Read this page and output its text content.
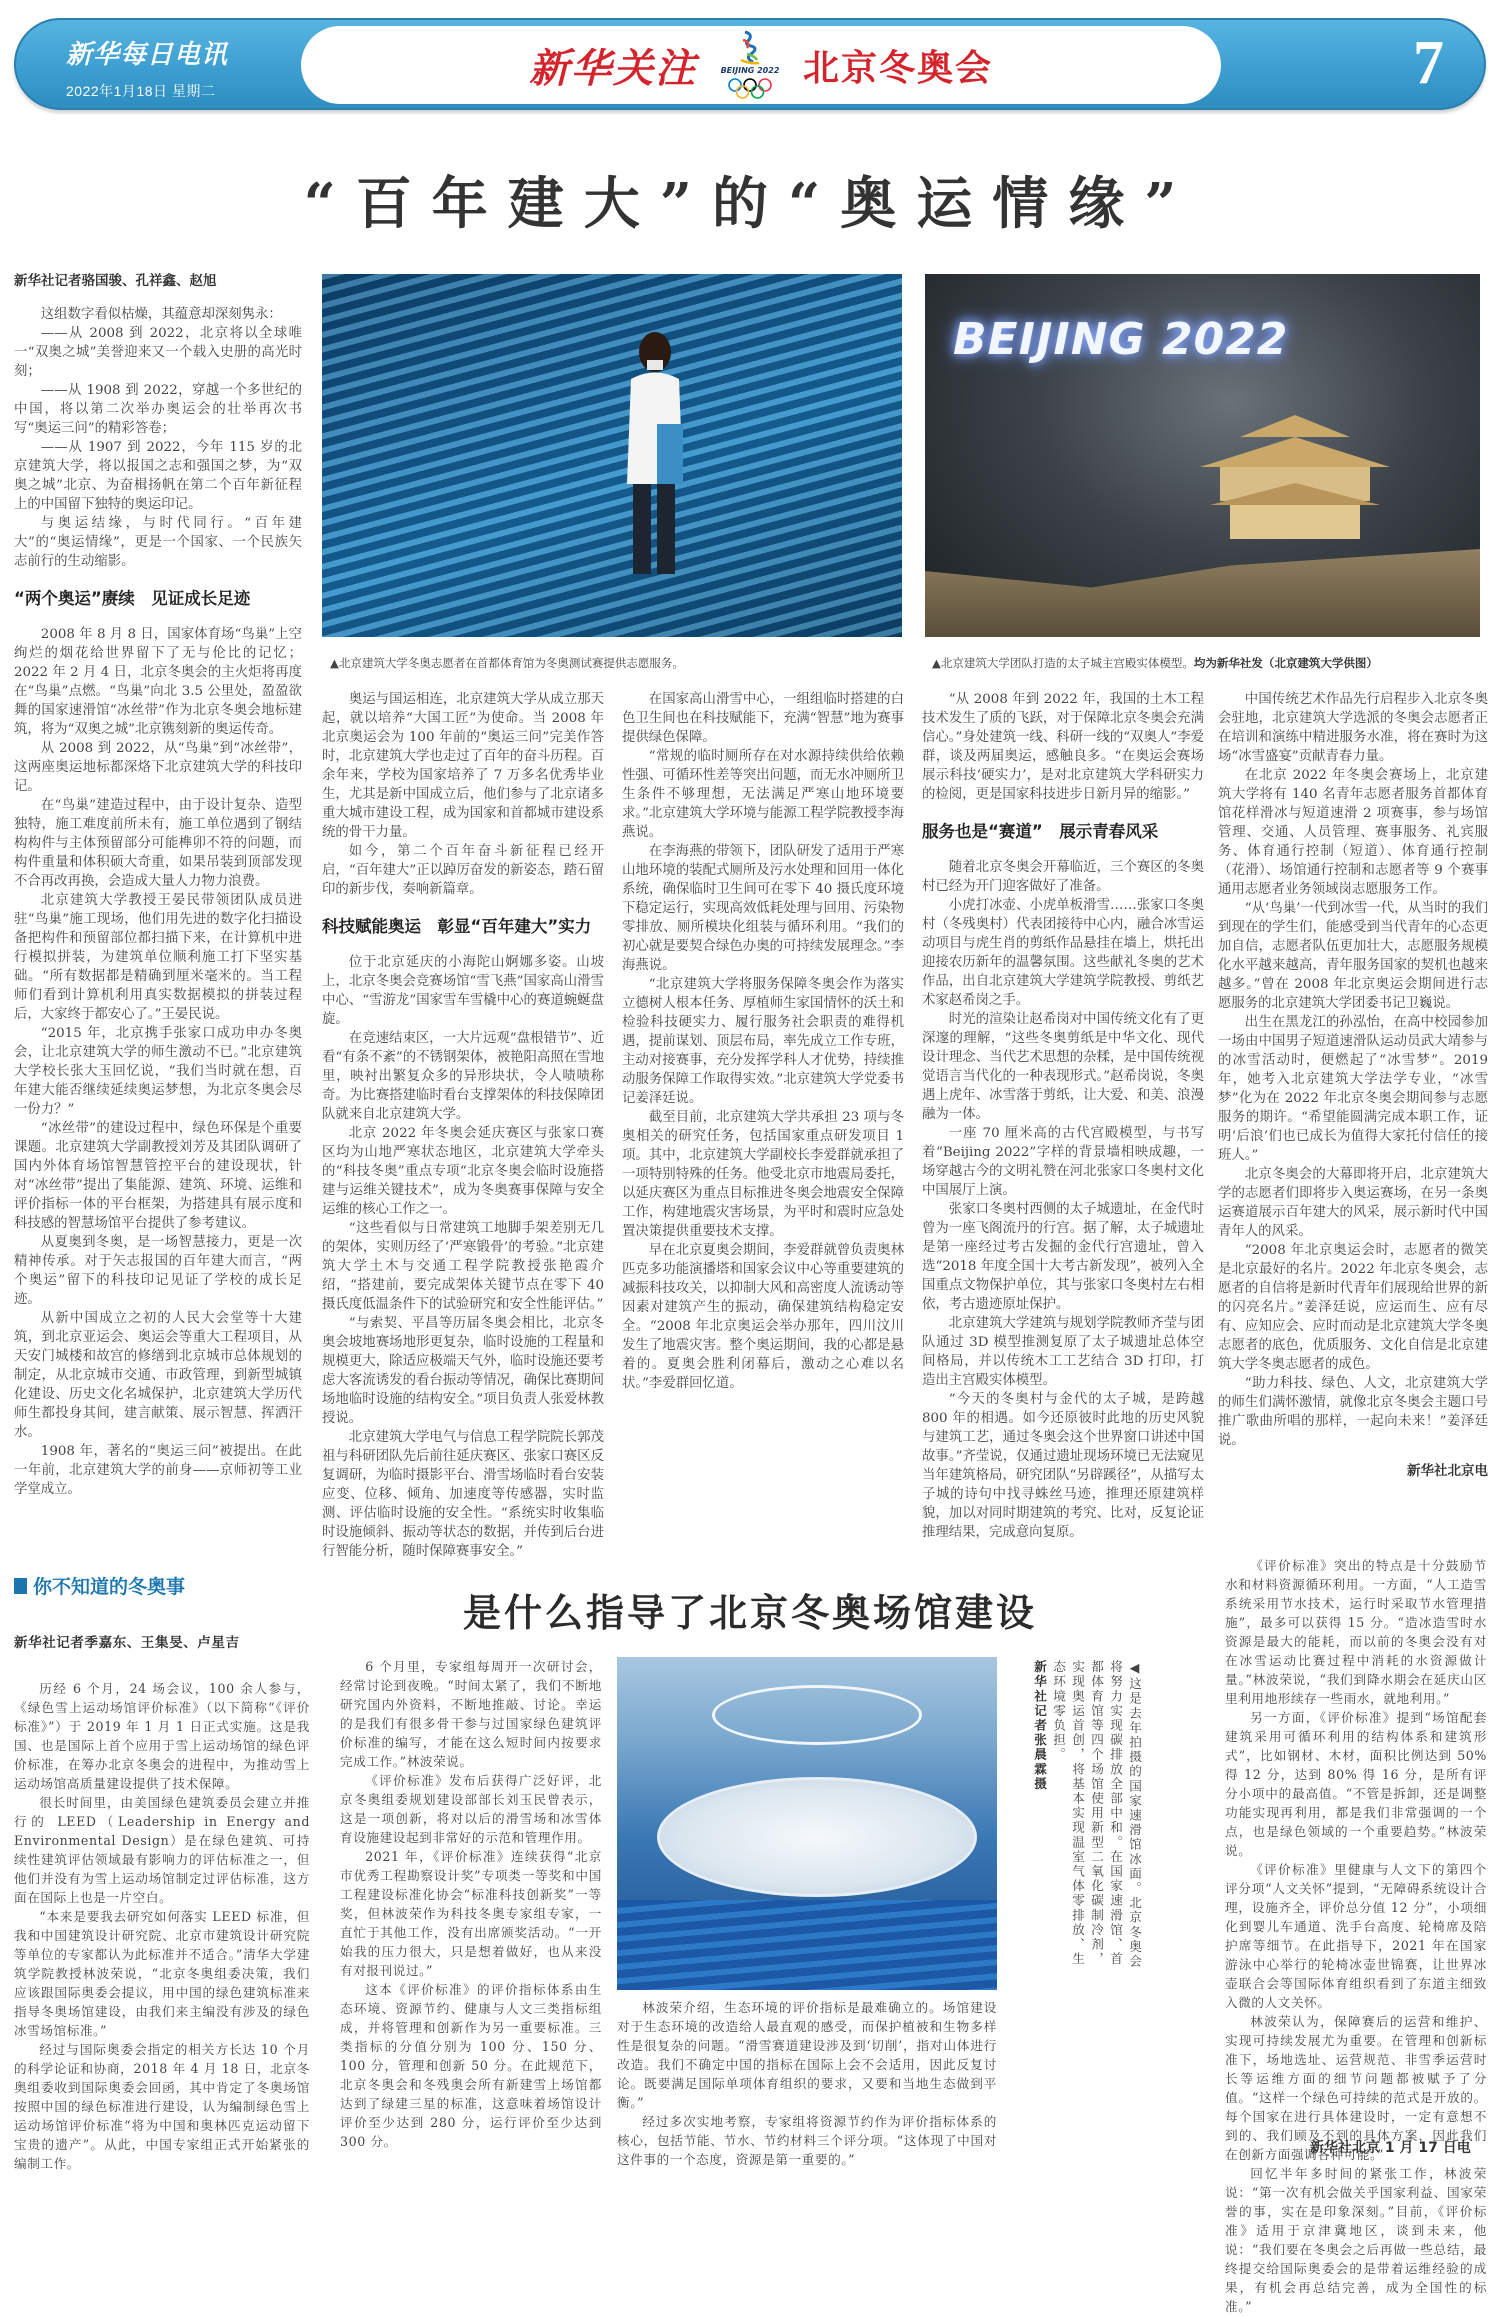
新华每日电讯
2022年1月18日 星期二	新华关注	BEIJING 2022 北京冬奥会	7
“百年建大”的“奥运情缘”
新华社记者骆国骏、孔祥鑫、赵旭

这组数字看似枯燥，其蕴意却深刻隽永：

——从 2008 到 2022，北京将以全球唯一“双奥之城”美誉迎来又一个载入史册的高光时刻；

——从 1908 到 2022，穿越一个多世纪的中国，将以第二次举办奥运会的壮举再次书写“奥运三问”的精彩答卷；

——从 1907 到 2022，今年 115 岁的北京建筑大学，将以报国之志和强国之梦，为“双奥之城”北京、为奋楫扬帆在第二个百年新征程上的中国留下独特的奥运印记。

与奥运结缘，与时代同行。“百年建大”的“奥运情缘”，更是一个国家、一个民族矢志前行的生动缩影。

“两个奥运”赓续　见证成长足迹

2008 年 8 月 8 日，国家体育场“鸟巢”上空绚烂的烟花给世界留下了无与伦比的记忆；2022 年 2 月 4 日，北京冬奥会的主火炬将再度在“鸟巢”点燃。“鸟巢”向北 3.5 公里处，盈盈欲舞的国家速滑馆“冰丝带”作为北京冬奥会地标建筑，将为“双奥之城”北京镌刻新的奥运传奇。

从 2008 到 2022，从“鸟巢”到“冰丝带”，这两座奥运地标都深烙下北京建筑大学的科技印记。

在“鸟巢”建造过程中，由于设计复杂、造型独特，施工难度前所未有，施工单位遇到了钢结构构件与主体预留部分可能榫卯不符的问题，而构件重量和体积硕大奇重，如果吊装到顶部发现不合再改再换，会造成大量人力物力浪费。

北京建筑大学教授王晏民带领团队成员进驻“鸟巢”施工现场，他们用先进的数字化扫描设备把构件和预留部位都扫描下来，在计算机中进行模拟拼装，为建筑单位顺利施工打下坚实基础。“所有数据都是精确到厘米毫米的。当工程师们看到计算机利用真实数据模拟的拼装过程后，大家终于都安心了。”王晏民说。

“2015 年，北京携手张家口成功申办冬奥会，让北京建筑大学的师生激动不已。”北京建筑大学校长张大玉回忆说，“我们当时就在想，百年建大能否继续延续奥运梦想，为北京冬奥会尽一份力？”

“冰丝带”的建设过程中，绿色环保是个重要课题。北京建筑大学副教授刘芳及其团队调研了国内外体育场馆智慧管控平台的建设现状，针对“冰丝带”提出了集能源、建筑、环境、运维和评价指标一体的平台框架，为搭建具有展示度和科技感的智慧场馆平台提供了参考建议。

从夏奥到冬奥，是一场智慧接力，更是一次精神传承。对于矢志报国的百年建大而言，“两个奥运”留下的科技印记见证了学校的成长足迹。

从新中国成立之初的人民大会堂等十大建筑，到北京亚运会、奥运会等重大工程项目，从天安门城楼和故宫的修缮到北京城市总体规划的制定，从北京城市交通、市政管理，到新型城镇化建设、历史文化名城保护，北京建筑大学历代师生都投身其间，建言献策、展示智慧、挥洒汗水。

1908 年，著名的“奥运三问”被提出。在此一年前，北京建筑大学的前身——京师初等工业学堂成立。

BEIJING 2022
▲北京建筑大学冬奥志愿者在首都体育馆为冬奥测试赛提供志愿服务。	▲北京建筑大学团队打造的太子城主宫殿实体模型。均为新华社发（北京建筑大学供图）

奥运与国运相连，北京建筑大学从成立那天起，就以培养“大国工匠”为使命。当 2008 年北京奥运会为 100 年前的“奥运三问”完美作答时，北京建筑大学也走过了百年的奋斗历程。百余年来，学校为国家培养了 7 万多名优秀毕业生，尤其是新中国成立后，他们参与了北京诸多重大城市建设工程，成为国家和首都城市建设系统的骨干力量。

如今，第二个百年奋斗新征程已经开启，“百年建大”正以踔厉奋发的新姿态，踏石留印的新步伐，奏响新篇章。

科技赋能奥运　彰显“百年建大”实力

位于北京延庆的小海陀山婀娜多姿。山坡上，北京冬奥会竞赛场馆“雪飞燕”国家高山滑雪中心、“雪游龙”国家雪车雪橇中心的赛道蜿蜒盘旋。

在竞速结束区，一大片远观“盘根错节”、近看“有条不紊”的不锈钢架体，被艳阳高照在雪地里，映衬出繁复众多的异形块状，令人啧啧称奇。为比赛搭建临时看台支撑架体的科技保障团队就来自北京建筑大学。

北京 2022 年冬奥会延庆赛区与张家口赛区均为山地严寒状态地区，北京建筑大学牵头的“科技冬奥”重点专项“北京冬奥会临时设施搭建与运维关键技术”，成为冬奥赛事保障与安全运维的核心工作之一。

“这些看似与日常建筑工地脚手架差别无几的架体，实则历经了‘严寒锻骨’的考验。”北京建筑大学土木与交通工程学院教授张艳霞介绍，“搭建前，要完成架体关键节点在零下 40 摄氏度低温条件下的试验研究和安全性能评估。”

“与索契、平昌等历届冬奥会相比，北京冬奥会坡地赛场地形更复杂，临时设施的工程量和规模更大，除适应极端天气外，临时设施还要考虑大客流诱发的看台振动等情况，确保比赛期间场地临时设施的结构安全。”项目负责人张爱林教授说。

北京建筑大学电气与信息工程学院院长郭茂祖与科研团队先后前往延庆赛区、张家口赛区反复调研，为临时摄影平台、滑雪场临时看台安装应变、位移、倾角、加速度等传感器，实时监测、评估临时设施的安全性。“系统实时收集临时设施倾斜、振动等状态的数据，并传到后台进行智能分析，随时保障赛事安全。”

在国家高山滑雪中心，一组组临时搭建的白色卫生间也在科技赋能下，充满“智慧”地为赛事提供绿色保障。

“常规的临时厕所存在对水源持续供给依赖性强、可循环性差等突出问题，而无水冲厕所卫生条件不够理想，无法满足严寒山地环境要求。”北京建筑大学环境与能源工程学院教授李海燕说。

在李海燕的带领下，团队研发了适用于严寒山地环境的装配式厕所及污水处理和回用一体化系统，确保临时卫生间可在零下 40 摄氏度环境下稳定运行，实现高效低耗处理与回用、污染物零排放、厕所模块化组装与循环利用。“我们的初心就是要契合绿色办奥的可持续发展理念。”李海燕说。

“北京建筑大学将服务保障冬奥会作为落实立德树人根本任务、厚植师生家国情怀的沃土和检验科技硬实力、履行服务社会职责的难得机遇，提前谋划、顶层布局，率先成立工作专班，主动对接赛事，充分发挥学科人才优势，持续推动服务保障工作取得实效。”北京建筑大学党委书记姜泽廷说。

截至目前，北京建筑大学共承担 23 项与冬奥相关的研究任务，包括国家重点研发项目 1 项。其中，北京建筑大学副校长李爱群就承担了一项特别特殊的任务。他受北京市地震局委托，以延庆赛区为重点目标推进冬奥会地震安全保障工作，构建地震灾害场景，为平时和震时应急处置决策提供重要技术支撑。

早在北京夏奥会期间，李爱群就曾负责奥林匹克多功能演播塔和国家会议中心等重要建筑的减振科技攻关，以抑制大风和高密度人流诱动等因素对建筑产生的振动，确保建筑结构稳定安全。“2008 年北京奥运会举办那年，四川汶川发生了地震灾害。整个奥运期间，我的心都是悬着的。夏奥会胜利闭幕后，激动之心难以名状。”李爱群回忆道。

“从 2008 年到 2022 年，我国的土木工程技术发生了质的飞跃，对于保障北京冬奥会充满信心。”身处建筑一线、科研一线的“双奥人”李爱群，谈及两届奥运，感触良多。“在奥运会赛场展示科技‘硬实力’，是对北京建筑大学科研实力的检阅，更是国家科技进步日新月异的缩影。”

服务也是“赛道”　展示青春风采

随着北京冬奥会开幕临近，三个赛区的冬奥村已经为开门迎客做好了准备。

小虎打冰壶、小虎单板滑雪……张家口冬奥村（冬残奥村）代表团接待中心内，融合冰雪运动项目与虎生肖的剪纸作品悬挂在墙上，烘托出迎接农历新年的温馨氛围。这些献礼冬奥的艺术作品，出自北京建筑大学建筑学院教授、剪纸艺术家赵希岗之手。

时光的渲染让赵希岗对中国传统文化有了更深邃的理解，“这些冬奥剪纸是中华文化、现代设计理念、当代艺术思想的杂糅，是中国传统视觉语言当代化的一种表现形式。”赵希岗说，冬奥遇上虎年、冰雪落于剪纸，让大爱、和美、浪漫融为一体。

一座 70 厘米高的古代宫殿模型，与书写着“Beijing 2022”字样的背景墙相映成趣，一场穿越古今的文明礼赞在河北张家口冬奥村文化中国展厅上演。

张家口冬奥村西侧的太子城遗址，在金代时曾为一座飞阁流丹的行宫。据了解，太子城遗址是第一座经过考古发掘的金代行宫遗址，曾入选“2018 年度全国十大考古新发现”，被列入全国重点文物保护单位，其与张家口冬奥村左右相依，考古遗迹原址保护。

北京建筑大学建筑与规划学院教师齐莹与团队通过 3D 模型推测复原了太子城遗址总体空间格局，并以传统木工工艺结合 3D 打印，打造出主宫殿实体模型。

“今天的冬奥村与金代的太子城，是跨越 800 年的相遇。如今还原彼时此地的历史风貌与建筑工艺，通过冬奥会这个世界窗口讲述中国故事。”齐莹说，仅通过遗址现场环境已无法窥见当年建筑格局，研究团队“另辟蹊径”，从描写太子城的诗句中找寻蛛丝马迹，推理还原建筑样貌，加以对同时期建筑的考究、比对，反复论证推理结果，完成意向复原。

中国传统艺术作品先行启程步入北京冬奥会驻地，北京建筑大学选派的冬奥会志愿者正在培训和演练中精进服务水准，将在赛时为这场“冰雪盛宴”贡献青春力量。

在北京 2022 年冬奥会赛场上，北京建筑大学将有 140 名青年志愿者服务首都体育馆花样滑冰与短道速滑 2 项赛事，参与场馆管理、交通、人员管理、赛事服务、礼宾服务、体育通行控制（短道）、体育通行控制（花滑）、场馆通行控制和志愿者等 9 个赛事通用志愿者业务领域岗志愿服务工作。

“从‘鸟巢’一代到冰雪一代，从当时的我们到现在的学生们，能感受到当代青年的心态更加自信，志愿者队伍更加壮大，志愿服务规模化水平越来越高，青年服务国家的契机也越来越多。”曾在 2008 年北京奥运会期间进行志愿服务的北京建筑大学团委书记卫巍说。

出生在黑龙江的孙泓怡，在高中校园参加一场由中国男子短道速滑队运动员武大靖参与的冰雪活动时，便燃起了“冰雪梦”。2019 年，她考入北京建筑大学法学专业，“冰雪梦”化为在 2022 年北京冬奥会期间参与志愿服务的期许。“希望能圆满完成本职工作，证明‘后浪’们也已成长为值得大家托付信任的接班人。”

北京冬奥会的大幕即将开启，北京建筑大学的志愿者们即将步入奥运赛场，在另一条奥运赛道展示百年建大的风采，展示新时代中国青年人的风采。

“2008 年北京奥运会时，志愿者的微笑是北京最好的名片。2022 年北京冬奥会，志愿者的自信将是新时代青年们展现给世界的新的闪亮名片。”姜泽廷说，应运而生、应有尽有、应知应会、应时而动是北京建筑大学冬奥志愿者的底色，优质服务、文化自信是北京建筑大学冬奥志愿者的成色。

“助力科技、绿色、人文，北京建筑大学的师生们满怀激情，就像北京冬奥会主题口号推广歌曲所唱的那样，一起向未来！”姜泽廷说。

新华社北京电
你不知道的冬奥事
是什么指导了北京冬奥场馆建设
新华社记者季嘉东、王集旻、卢星吉

历经 6 个月，24 场会议，100 余人参与，《绿色雪上运动场馆评价标准》（以下简称“《评价标准》”）于 2019 年 1 月 1 日正式实施。这是我国、也是国际上首个应用于雪上运动场馆的绿色评价标准，在筹办北京冬奥会的进程中，为推动雪上运动场馆高质量建设提供了技术保障。

很长时间里，由美国绿色建筑委员会建立并推行的 LEED（Leadership in Energy and Environmental Design）是在绿色建筑、可持续性建筑评估领域最有影响力的评估标准之一，但他们并没有为雪上运动场馆制定过评估标准，这方面在国际上也是一片空白。

“本来是要我去研究如何落实 LEED 标准，但我和中国建筑设计研究院、北京市建筑设计研究院等单位的专家都认为此标准并不适合。”清华大学建筑学院教授林波荣说，“北京冬奥组委决策，我们应该跟国际奥委会提议，用中国的绿色建筑标准来指导冬奥场馆建设，由我们来主编没有涉及的绿色冰雪场馆标准。”

经过与国际奥委会指定的相关方长达 10 个月的科学论证和协商，2018 年 4 月 18 日，北京冬奥组委收到国际奥委会回函，其中肯定了冬奥场馆按照中国的绿色标准进行建设，认为编制绿色雪上运动场馆评价标准“将为中国和奥林匹克运动留下宝贵的遗产”。从此，中国专家组正式开始紧张的编制工作。

6 个月里，专家组每周开一次研讨会，经常讨论到夜晚。“时间太紧了，我们不断地研究国内外资料，不断地推敲、讨论。幸运的是我们有很多骨干参与过国家绿色建筑评价标准的编写，才能在这么短时间内按要求完成工作。”林波荣说。

《评价标准》发布后获得广泛好评，北京冬奥组委规划建设部部长刘玉民曾表示，这是一项创新，将对以后的滑雪场和冰雪体育设施建设起到非常好的示范和管理作用。

2021 年，《评价标准》连续获得“北京市优秀工程勘察设计奖”专项类一等奖和中国工程建设标准化协会“标准科技创新奖”一等奖，但林波荣作为科技冬奥专家组专家，一直忙于其他工作，没有出席颁奖活动。“一开始我的压力很大，只是想着做好，也从来没有对报刊说过。”

这本《评价标准》的评价指标体系由生态环境、资源节约、健康与人文三类指标组成，并将管理和创新作为另一重要标准。三类指标的分值分别为 100 分、150 分、100 分，管理和创新 50 分。在此规范下，北京冬奥会和冬残奥会所有新建雪上场馆都达到了绿建三星的标准，这意味着场馆设计评价至少达到 280 分，运行评价至少达到 300 分。

◀这是去年拍摄的国家速滑馆冰面。北京冬奥会将努力实现碳排放全部中和。在国家速滑馆、首都体育馆等四个场馆使用新型二氧化碳制冷剂，实现奥运首创，将基本实现温室气体零排放、生态环境零负担。
新华社记者张晨霖摄

林波荣介绍，生态环境的评价指标是最难确立的。场馆建设对于生态环境的改造给人最直观的感受，而保护植被和生物多样性是很复杂的问题。“滑雪赛道建设涉及到‘切削’，指对山体进行改造。我们不确定中国的指标在国际上会不会适用，因此反复讨论。既要满足国际单项体育组织的要求，又要和当地生态做到平衡。”

经过多次实地考察，专家组将资源节约作为评价指标体系的核心，包括节能、节水、节约材料三个评分项。“这体现了中国对这件事的一个态度，资源是第一重要的。”

《评价标准》突出的特点是十分鼓励节水和材料资源循环利用。一方面，“人工造雪系统采用节水技术，运行时采取节水管理措施”，最多可以获得 15 分。“造冰造雪时水资源是最大的能耗，而以前的冬奥会没有对在冰雪运动比赛过程中消耗的水资源做计量。”林波荣说，“我们到降水期会在延庆山区里利用地形续存一些雨水，就地利用。”

另一方面，《评价标准》提到“场馆配套建筑采用可循环利用的结构体系和建筑形式”，比如钢材、木材，面积比例达到 50% 得 12 分，达到 80% 得 16 分，是所有评分小项中的最高值。“不管是拆卸，还是调整功能实现再利用，都是我们非常强调的一个点，也是绿色领域的一个重要趋势。”林波荣说。

《评价标准》里健康与人文下的第四个评分项“人文关怀”提到，“无障碍系统设计合理，设施齐全，评价总分值 12 分”，小项细化到婴儿车通道、洗手台高度、轮椅席及陪护席等细节。在此指导下，2021 年在国家游泳中心举行的轮椅冰壶世锦赛，让世界冰壶联合会等国际体育组织看到了东道主细致入微的人文关怀。

林波荣认为，保障赛后的运营和维护、实现可持续发展尤为重要。在管理和创新标准下，场地选址、运营规范、非雪季运营时长等运维方面的细节问题都被赋予了分值。“这样一个绿色可持续的范式是开放的。每个国家在进行具体建设时，一定有意想不到的、我们顾及不到的具体方案，因此我们在创新方面强调各种可能。”

回忆半年多时间的紧张工作，林波荣说：“第一次有机会做关乎国家利益、国家荣誉的事，实在是印象深刻。”目前，《评价标准》适用于京津冀地区，谈到未来，他说：“我们要在冬奥会之后再做一些总结，最终提交给国际奥委会的是带着运维经验的成果，有机会再总结完善，成为全国性的标准。”

新华社北京 1 月 17 日电
